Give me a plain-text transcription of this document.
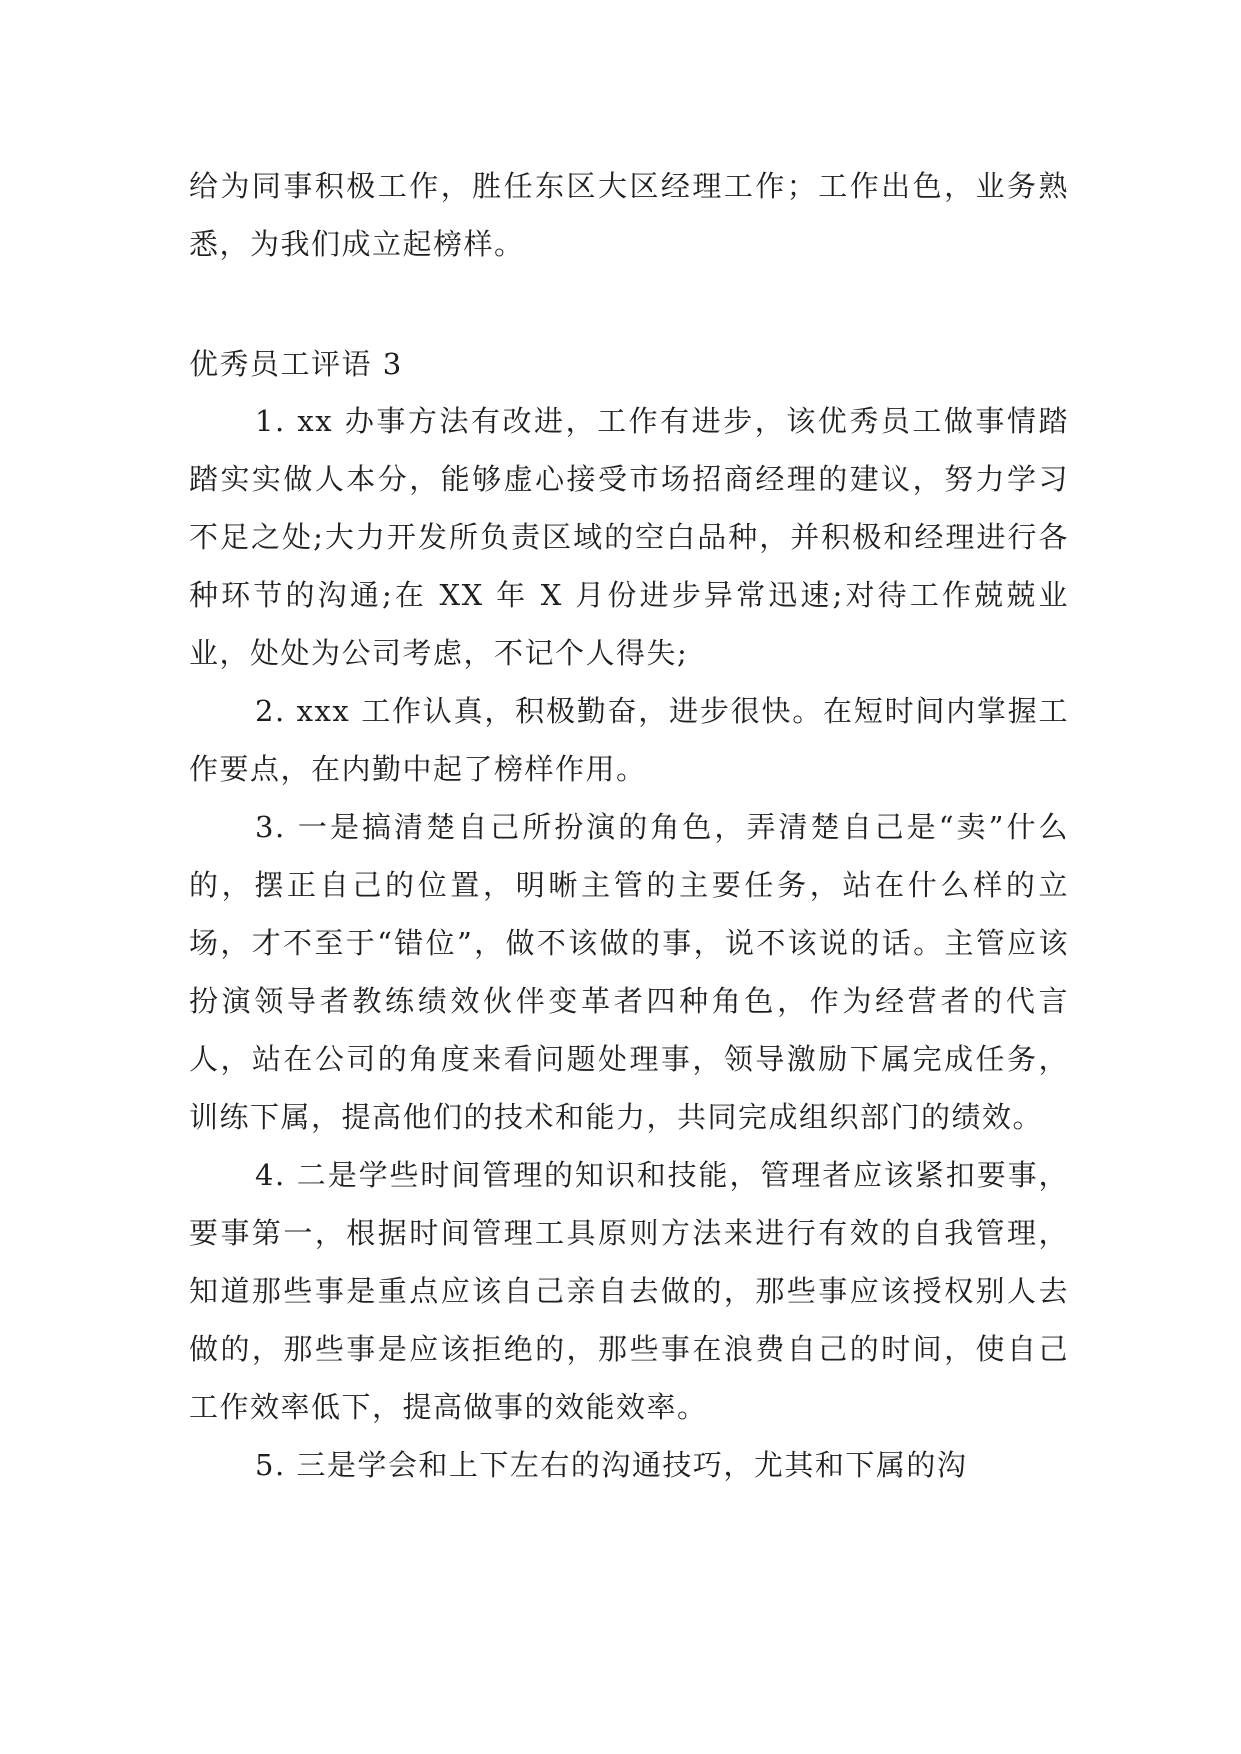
给为同事积极工作，胜任东区大区经理工作；工作出色，业务熟悉，为我们成立起榜样。

优秀员工评语 3

1. xx 办事方法有改进，工作有进步，该优秀员工做事情踏踏实实做人本分，能够虚心接受市场招商经理的建议，努力学习不足之处;大力开发所负责区域的空白品种，并积极和经理进行各种环节的沟通;在 XX 年 X 月份进步异常迅速;对待工作兢兢业业，处处为公司考虑，不记个人得失;

2. xxx 工作认真，积极勤奋，进步很快。在短时间内掌握工作要点，在内勤中起了榜样作用。

3. 一是搞清楚自己所扮演的角色，弄清楚自己是“卖”什么的，摆正自己的位置，明晰主管的主要任务，站在什么样的立场，才不至于“错位”，做不该做的事，说不该说的话。主管应该扮演领导者教练绩效伙伴变革者四种角色，作为经营者的代言人，站在公司的角度来看问题处理事，领导激励下属完成任务，训练下属，提高他们的技术和能力，共同完成组织部门的绩效。

4. 二是学些时间管理的知识和技能，管理者应该紧扣要事，要事第一，根据时间管理工具原则方法来进行有效的自我管理，知道那些事是重点应该自己亲自去做的，那些事应该授权别人去做的，那些事是应该拒绝的，那些事在浪费自己的时间，使自己工作效率低下，提高做事的效能效率。

5. 三是学会和上下左右的沟通技巧，尤其和下属的沟
